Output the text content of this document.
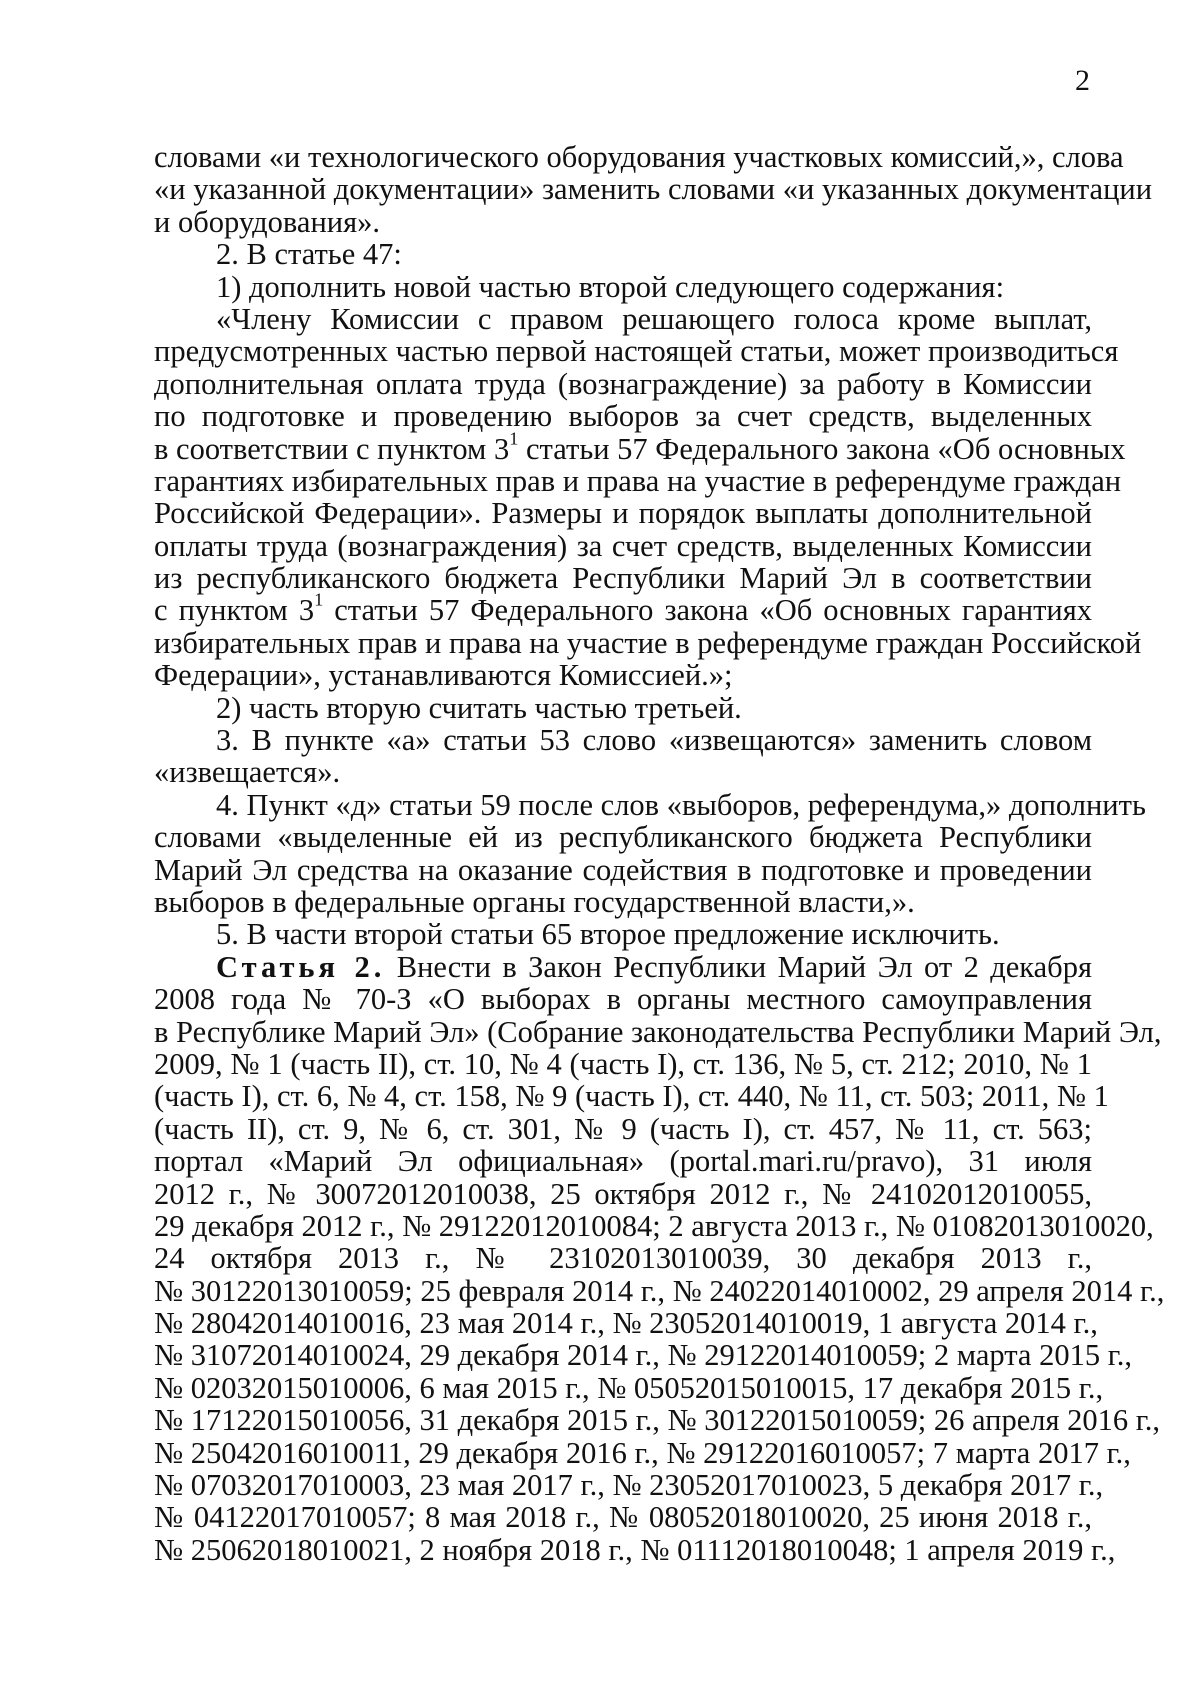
2
словами «и технологического оборудования участковых комиссий,», слова
«и указанной документации» заменить словами «и указанных документации
и оборудования».
2. В статье 47:
1) дополнить новой частью второй следующего содержания:
«Члену Комиссии с правом решающего голоса кроме выплат,
предусмотренных частью первой настоящей статьи, может производиться
дополнительная оплата труда (вознаграждение) за работу в Комиссии
по подготовке и проведению выборов за счет средств, выделенных
в соответствии с пунктом $3^1$ статьи 57 Федерального закона «Об основных
гарантиях избирательных прав и права на участие в референдуме граждан
Российской Федерации». Размеры и порядок выплаты дополнительной
оплаты труда (вознаграждения) за счет средств, выделенных Комиссии
из республиканского бюджета Республики Марий Эл в соответствии
с пунктом $3^1$ статьи 57 Федерального закона «Об основных гарантиях
избирательных прав и права на участие в референдуме граждан Российской
Федерации», устанавливаются Комиссией.»;
2) часть вторую считать частью третьей.
3. В пункте «а» статьи 53 слово «извещаются» заменить словом
«извещается».
4. Пункт «д» статьи 59 после слов «выборов, референдума,» дополнить
словами «выделенные ей из республиканского бюджета Республики
Марий Эл средства на оказание содействия в подготовке и проведении
выборов в федеральные органы государственной власти,».
5. В части второй статьи 65 второе предложение исключить.
Статья 2. Внести в Закон Республики Марий Эл от 2 декабря
2008 года № 70-З «О выборах в органы местного самоуправления
в Республике Марий Эл» (Собрание законодательства Республики Марий Эл,
2009, № 1 (часть II), ст. 10, № 4 (часть I), ст. 136, № 5, ст. 212; 2010, № 1
(часть I), ст. 6, № 4, ст. 158, № 9 (часть I), ст. 440, № 11, ст. 503; 2011, № 1
(часть II), ст. 9, № 6, ст. 301, № 9 (часть I), ст. 457, № 11, ст. 563;
портал «Марий Эл официальная» (portal.mari.ru/pravo), 31 июля
2012 г., № 30072012010038, 25 октября 2012 г., № 24102012010055,
29 декабря 2012 г., № 29122012010084; 2 августа 2013 г., № 01082013010020,
24 октября 2013 г., № 23102013010039, 30 декабря 2013 г.,
№ 30122013010059; 25 февраля 2014 г., № 24022014010002, 29 апреля 2014 г.,
№ 28042014010016, 23 мая 2014 г., № 23052014010019, 1 августа 2014 г.,
№ 31072014010024, 29 декабря 2014 г., № 29122014010059; 2 марта 2015 г.,
№ 02032015010006, 6 мая 2015 г., № 05052015010015, 17 декабря 2015 г.,
№ 17122015010056, 31 декабря 2015 г., № 30122015010059; 26 апреля 2016 г.,
№ 25042016010011, 29 декабря 2016 г., № 29122016010057; 7 марта 2017 г.,
№ 07032017010003, 23 мая 2017 г., № 23052017010023, 5 декабря 2017 г.,
№ 04122017010057; 8 мая 2018 г., № 08052018010020, 25 июня 2018 г.,
№ 25062018010021, 2 ноября 2018 г., № 01112018010048; 1 апреля 2019 г.,
